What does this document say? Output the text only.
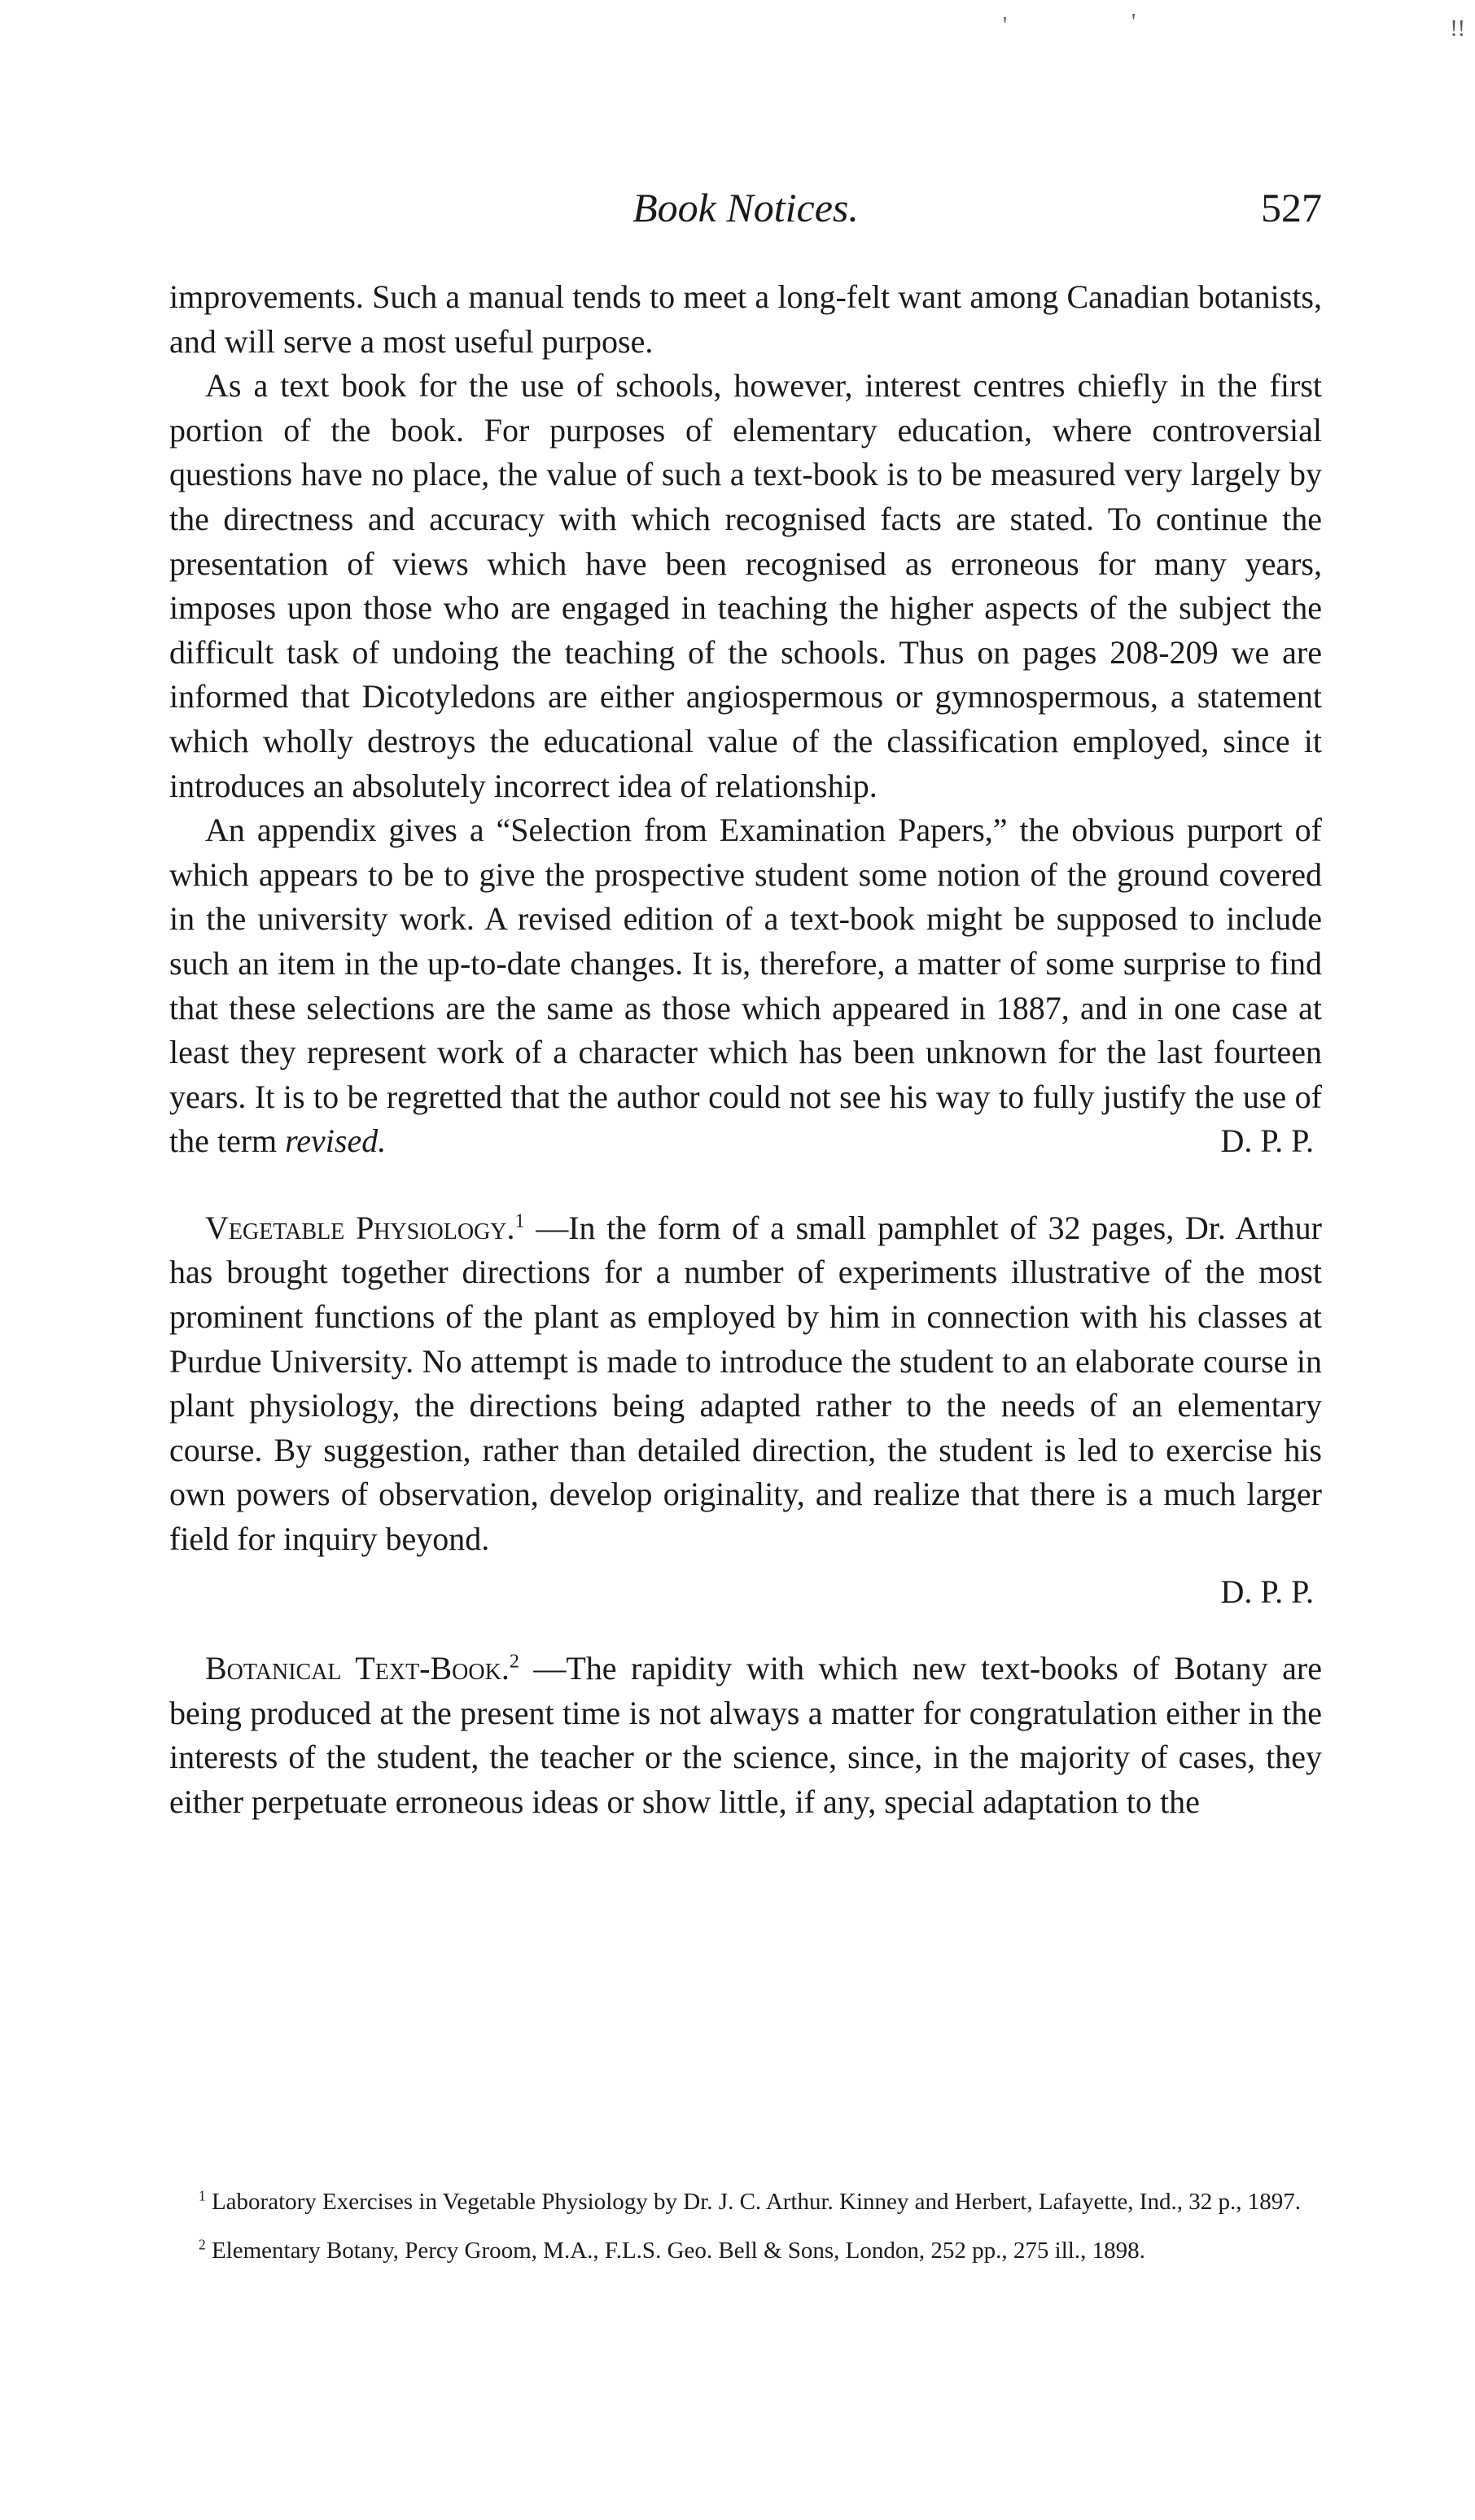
!!
'	'
Book Notices.	527

improvements. Such a manual tends to meet a long-felt want among Canadian botanists, and will serve a most useful purpose.

As a text book for the use of schools, however, interest centres chiefly in the first portion of the book. For purposes of elementary education, where controversial questions have no place, the value of such a text-book is to be measured very largely by the directness and accuracy with which recognised facts are stated. To continue the presentation of views which have been recognised as erroneous for many years, imposes upon those who are engaged in teaching the higher aspects of the subject the difficult task of undoing the teaching of the schools. Thus on pages 208-209 we are informed that Dicotyledons are either angiospermous or gymnospermous, a statement which wholly destroys the educational value of the classification employed, since it introduces an absolutely incorrect idea of relationship.

An appendix gives a “Selection from Examination Papers,” the obvious purport of which appears to be to give the prospective student some notion of the ground covered in the university work. A revised edition of a text-book might be supposed to include such an item in the up-to-date changes. It is, therefore, a matter of some surprise to find that these selections are the same as those which appeared in 1887, and in one case at least they represent work of a character which has been unknown for the last fourteen years. It is to be regretted that the author could not see his way to fully justify the use of the term revised.	D. P. P.

Vegetable Physiology.$^1$ —In the form of a small pamphlet of 32 pages, Dr. Arthur has brought together directions for a number of experiments illustrative of the most prominent functions of the plant as employed by him in connection with his classes at Purdue University. No attempt is made to introduce the student to an elaborate course in plant physiology, the directions being adapted rather to the needs of an elementary course. By suggestion, rather than detailed direction, the student is led to exercise his own powers of observation, develop originality, and realize that there is a much larger field for inquiry beyond.

D. P. P.

Botanical Text-Book.$^2$ —The rapidity with which new text-books of Botany are being produced at the present time is not always a matter for congratulation either in the interests of the student, the teacher or the science, since, in the majority of cases, they either perpetuate erroneous ideas or show little, if any, special adaptation to the

$^1$ Laboratory Exercises in Vegetable Physiology by Dr. J. C. Arthur. Kinney and Herbert, Lafayette, Ind., 32 p., 1897.

$^2$ Elementary Botany, Percy Groom, M.A., F.L.S. Geo. Bell & Sons, London, 252 pp., 275 ill., 1898.
